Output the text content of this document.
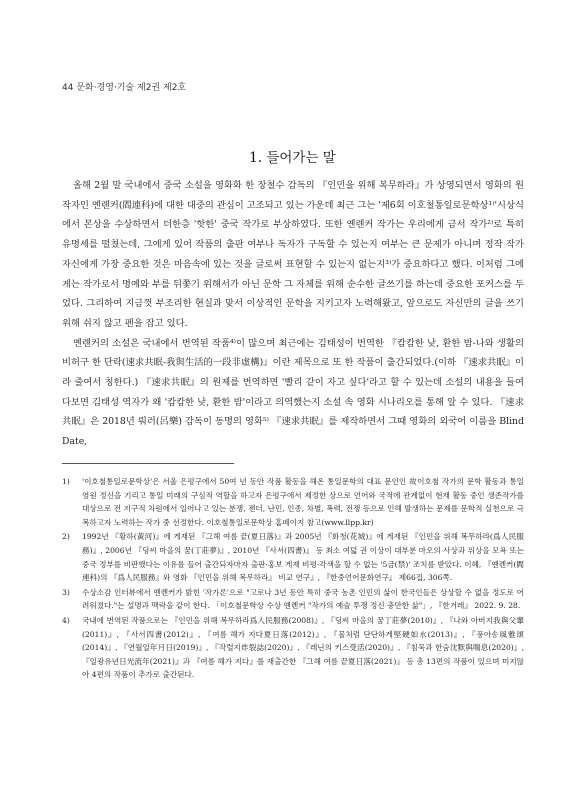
44 문화·경영·기술 제2권 제2호
1. 들어가는 말

올해 2월 말 국내에서 중국 소설을 영화화 한 장철수 감독의 『인민을 위해 복무하라』가 상영되면서 영화의 원작자인 옌롄커(閻連科)에 대한 대중의 관심이 고조되고 있는 가운데 최근 그는 '제6회 이호철통일로문학상¹⁾'시상식에서 본상을 수상하면서 더한층 '핫한' 중국 작가로 부상하였다. 또한 옌롄커 작가는 우리에게 금서 작가²⁾로 특히 유명세를 떨쳤는데, 그에게 있어 작품의 출판 여부나 독자가 구독할 수 있는지 여부는 큰 문제가 아니며 정작 작가 자신에게 가장 중요한 것은 마음속에 있는 것을 글로써 표현할 수 있는지 없는지³⁾가 중요하다고 했다. 이처럼 그에게는 작가로서 명예와 부를 뒤쫓기 위해서가 아닌 문학 그 자체를 위해 순수한 글쓰기를 하는데 중요한 포커스를 두었다. 그리하여 지금껏 부조리한 현실과 맞서 이상적인 문학을 지키고자 노력해왔고, 앞으로도 자신만의 글을 쓰기 위해 쉬지 않고 펜을 잡고 있다.

옌롄커의 소설은 국내에서 번역된 작품⁴⁾이 많으며 최근에는 김태성이 번역한 『캄캄한 낮, 환한 밤-나와 생활의 비허구 한 단락(速求共眠-我與生活的一段非虛構)』이란 제목으로 또 한 작품이 출간되었다.(이하 『速求共眠』이라 줄여서 칭한다.) 『速求共眠』의 원제를 번역하면 '빨리 같이 자고 싶다'라고 할 수 있는데 소설의 내용을 들여다보면 김태성 역자가 왜 '캄캄한 낮, 환한 밤'이라고 의역했는지 소설 속 영화 시나리오를 통해 알 수 있다. 『速求共眠』은 2018년 뤄러(呂樂) 감독이 동명의 영화⁵⁾ 『速求共眠』를 제작하면서 그때 영화의 외국어 이름을 Blind Date,

1) '이호철통일로문학상'은 서울 은평구에서 50여 년 동안 작품 활동을 해온 통일문학의 대표 문인인 故이호철 작가의 문학 활동과 통일 염원 정신을 기리고 통일 미래의 구심적 역할을 하고자 은평구에서 제정한 상으로 언어와 국적에 관계없이 현재 활동 중인 생존작가를 대상으로 전 지구적 차원에서 일어나고 있는 분쟁, 젠더, 난민, 인종, 차별, 폭력, 전쟁 등으로 인해 발생하는 문제를 문학적 실천으로 극복하고자 노력하는 작가 중 선정한다. 이호철통일로문학상 홈페이지 참고(www.llpp.kr)

2) 1992년 『황하(黃河)』에 게재된 『그해 여름 끝(夏日落)』과 2005년 『화청(花城)』에 게재된 『인민을 위해 복무하라(爲人民服務)』, 2006년 『딩씨 마을의 꿈(丁莊夢)』, 2010년 『사서(四書)』 등 최소 여덟 권 이상이 대부분 마오의 사상과 위상을 모욕 또는 중국 정부를 비판했다는 이유를 들어 출간되자마자 출판·홍보 게재 비평·각색을 할 수 없는 '5금(禁)' 조치를 받았다. 이혜, 『옌롄커(閻連科)의 『爲人民服務』와 영화 『인민을 위해 복무하라』 비교 연구』, 『한중언어문화연구』 제66집, 306쪽.

3) 수상소감 인터뷰에서 옌롄커가 밝힌 '작가론'으로 "고로나 3년 동안 특히 중국 농촌 인민의 삶이 한국인들은 상상할 수 없을 정도로 어려워졌다."는 설명과 맥락을 같이 한다. 「이호철문학상 수상 옌롄커 "작가의 예술 투쟁 정신 충만한 삶"」, 『한겨레』 2022. 9. 28.

4) 국내에 번역된 작품으로는 『인민을 위해 복무하라爲人民服務(2008)』, 『딩씨 마을의 꿈丁莊夢(2010)』, 『나와 아버지我與父輩(2011)』, 『사서四書(2012)』, 『여름 해가 지다夏日落(2012)』, 『물처럼 단단하게堅硬如水(2013)』, 『풍아송風雅頌(2014)』, 『연월일年月日(2019)』, 『작렬지炸裂誌(2020)』, 『레닌의 키스受活(2020)』, 『침묵과 한숨沈默與喘息(2020)』, 『일광유년日光流年(2021)』과 『여름 해가 지다』를 재출간한 『그해 여름 끝夏日落(2021)』 등 총 13편의 작품이 있으며 미지않아 4편의 작품이 추가로 출간된다.
